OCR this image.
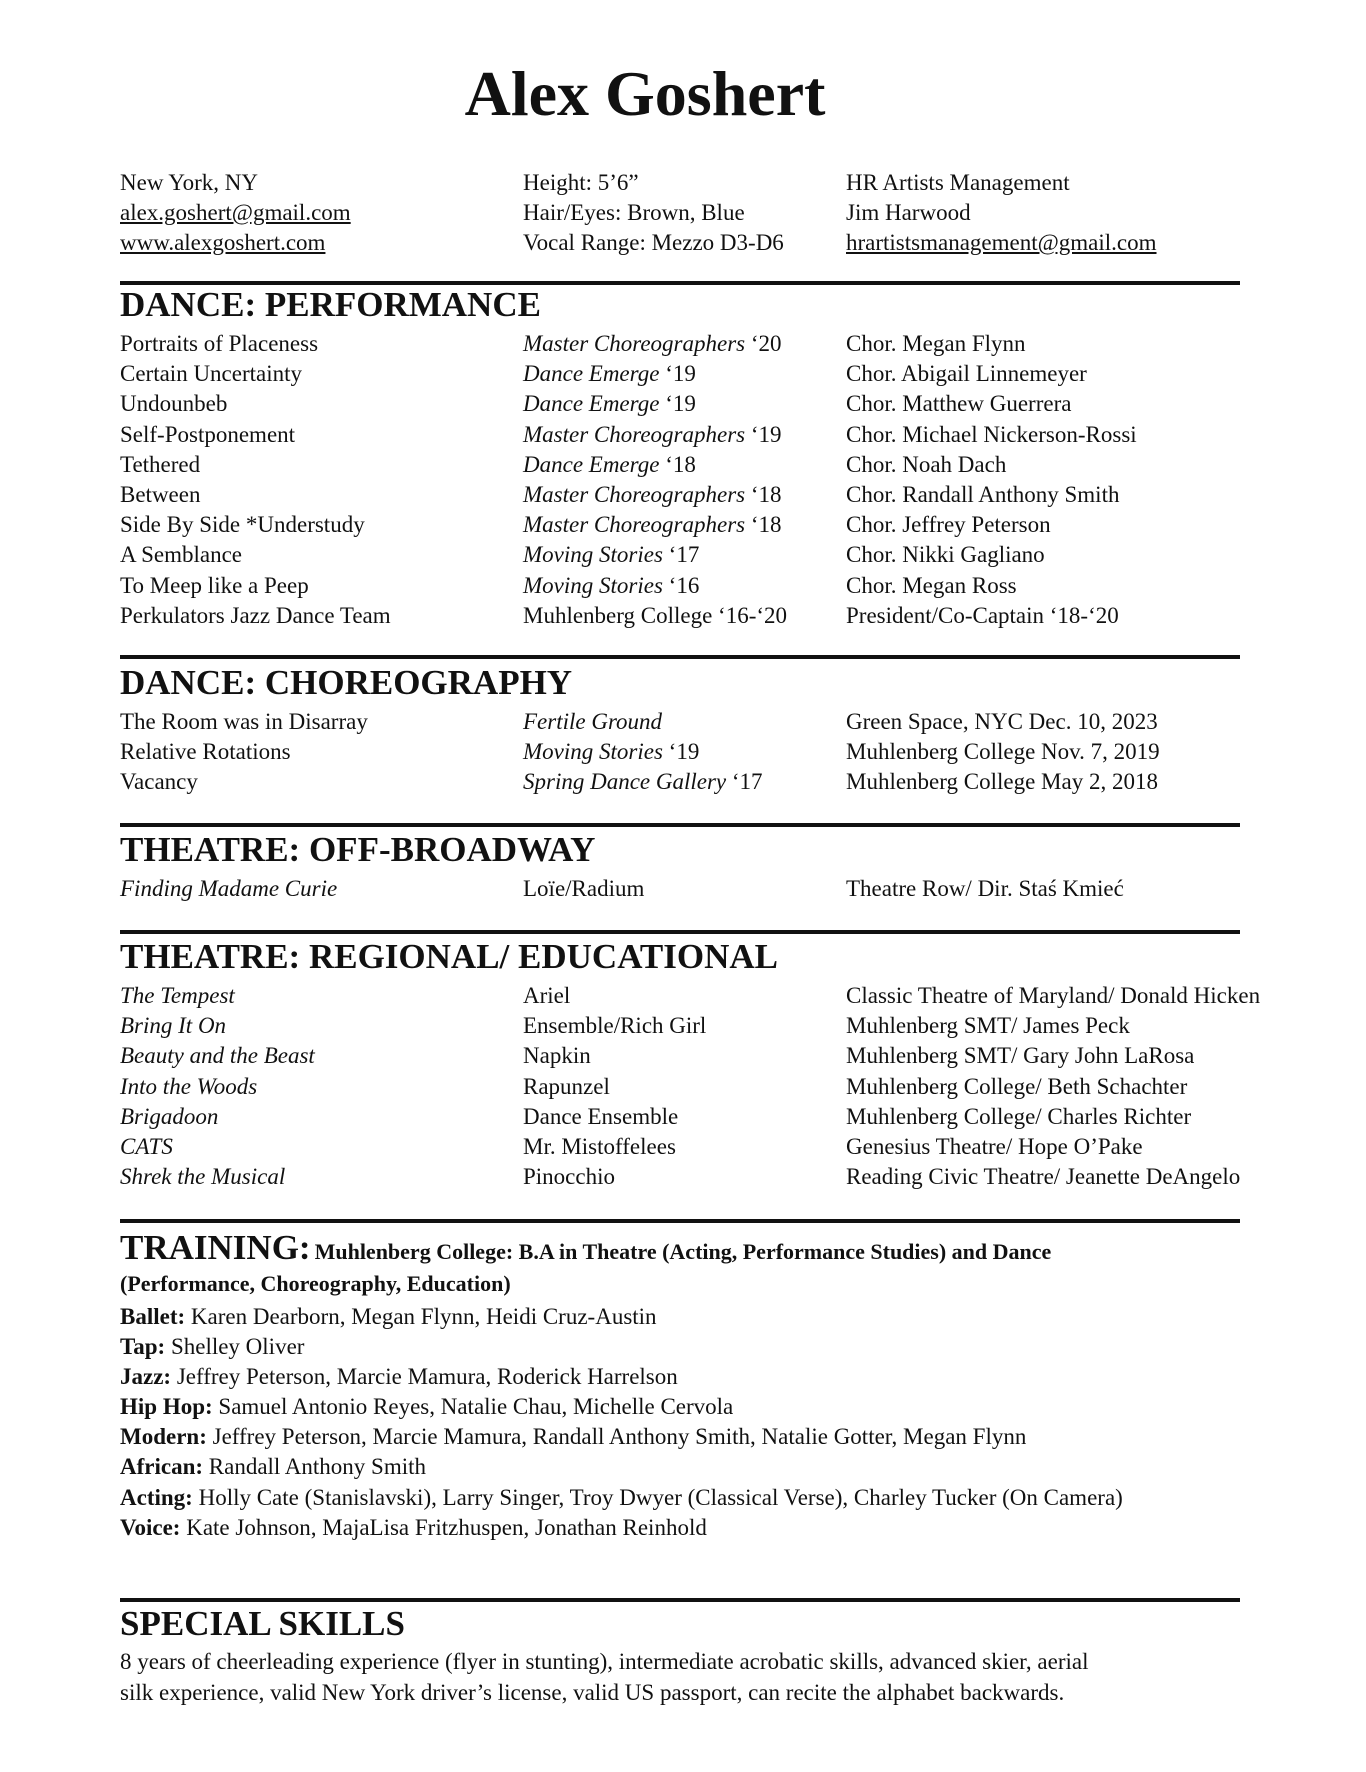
Alex Goshert
New York, NY	Height: 5’6”	HR Artists Management
alex.goshert@gmail.com	Hair/Eyes: Brown, Blue	Jim Harwood
www.alexgoshert.com	Vocal Range: Mezzo D3-D6	hrartistsmanagement@gmail.com
DANCE: PERFORMANCE
Portraits of Placeness	Master Choreographers ‘20	Chor. Megan Flynn
Certain Uncertainty	Dance Emerge ‘19	Chor. Abigail Linnemeyer
Undounbeb	Dance Emerge ‘19	Chor. Matthew Guerrera
Self-Postponement	Master Choreographers ‘19	Chor. Michael Nickerson-Rossi
Tethered	Dance Emerge ‘18	Chor. Noah Dach
Between	Master Choreographers ‘18	Chor. Randall Anthony Smith
Side By Side *Understudy	Master Choreographers ‘18	Chor. Jeffrey Peterson
A Semblance	Moving Stories ‘17	Chor. Nikki Gagliano
To Meep like a Peep	Moving Stories ‘16	Chor. Megan Ross
Perkulators Jazz Dance Team	Muhlenberg College ‘16-‘20	President/Co-Captain ‘18-‘20
DANCE: CHOREOGRAPHY
The Room was in Disarray	Fertile Ground	Green Space, NYC Dec. 10, 2023
Relative Rotations	Moving Stories ‘19	Muhlenberg College Nov. 7, 2019
Vacancy	Spring Dance Gallery ‘17	Muhlenberg College May 2, 2018
THEATRE: OFF-BROADWAY
Finding Madame Curie	Loïe/Radium	Theatre Row/ Dir. Staś Kmieć
THEATRE: REGIONAL/ EDUCATIONAL
The Tempest	Ariel	Classic Theatre of Maryland/ Donald Hicken
Bring It On	Ensemble/Rich Girl	Muhlenberg SMT/ James Peck
Beauty and the Beast	Napkin	Muhlenberg SMT/ Gary John LaRosa
Into the Woods	Rapunzel	Muhlenberg College/ Beth Schachter
Brigadoon	Dance Ensemble	Muhlenberg College/ Charles Richter
CATS	Mr. Mistoffelees	Genesius Theatre/ Hope O’Pake
Shrek the Musical	Pinocchio	Reading Civic Theatre/ Jeanette DeAngelo
TRAINING: Muhlenberg College: B.A in Theatre (Acting, Performance Studies) and Dance
(Performance, Choreography, Education)
Ballet: Karen Dearborn, Megan Flynn, Heidi Cruz-Austin
Tap: Shelley Oliver
Jazz: Jeffrey Peterson, Marcie Mamura, Roderick Harrelson
Hip Hop: Samuel Antonio Reyes, Natalie Chau, Michelle Cervola
Modern: Jeffrey Peterson, Marcie Mamura, Randall Anthony Smith, Natalie Gotter, Megan Flynn
African: Randall Anthony Smith
Acting: Holly Cate (Stanislavski), Larry Singer, Troy Dwyer (Classical Verse), Charley Tucker (On Camera)
Voice: Kate Johnson, MajaLisa Fritzhuspen, Jonathan Reinhold
SPECIAL SKILLS
8 years of cheerleading experience (flyer in stunting), intermediate acrobatic skills, advanced skier, aerial
silk experience, valid New York driver’s license, valid US passport, can recite the alphabet backwards.
